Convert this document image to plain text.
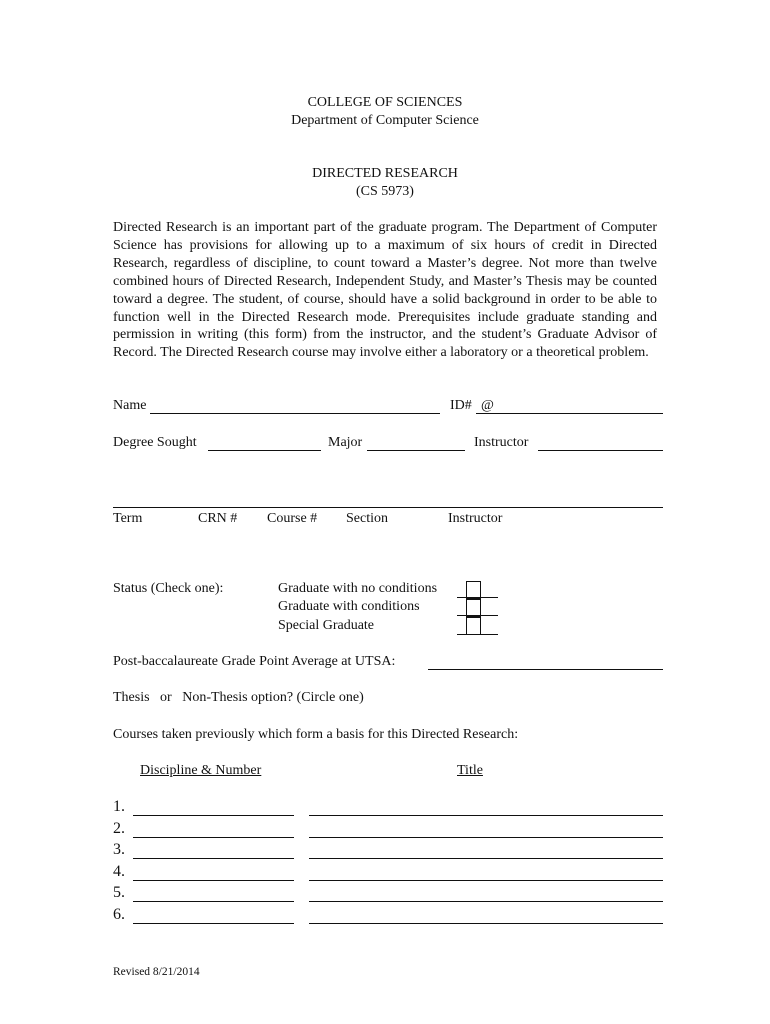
COLLEGE OF SCIENCES
Department of Computer Science
DIRECTED RESEARCH
(CS 5973)
Directed Research is an important part of the graduate program. The Department of Computer Science has provisions for allowing up to a maximum of six hours of credit in Directed Research, regardless of discipline, to count toward a Master’s degree. Not more than twelve combined hours of Directed Research, Independent Study, and Master’s Thesis may be counted toward a degree. The student, of course, should have a solid background in order to be able to function well in the Directed Research mode. Prerequisites include graduate standing and permission in writing (this form) from the instructor, and the student’s Graduate Advisor of Record. The Directed Research course may involve either a laboratory or a theoretical problem.
Name	ID# @
Degree Sought	Major	Instructor
Term	CRN # Course # Section	Instructor
Status (Check one):	Graduate with no conditions
Graduate with conditions
Special Graduate
Post-baccalaureate Grade Point Average at UTSA:
Thesis   or   Non-Thesis option? (Circle one)
Courses taken previously which form a basis for this Directed Research:
Discipline & Number	Title
1.
2.
3.
4.
5.
6.
Revised 8/21/2014
